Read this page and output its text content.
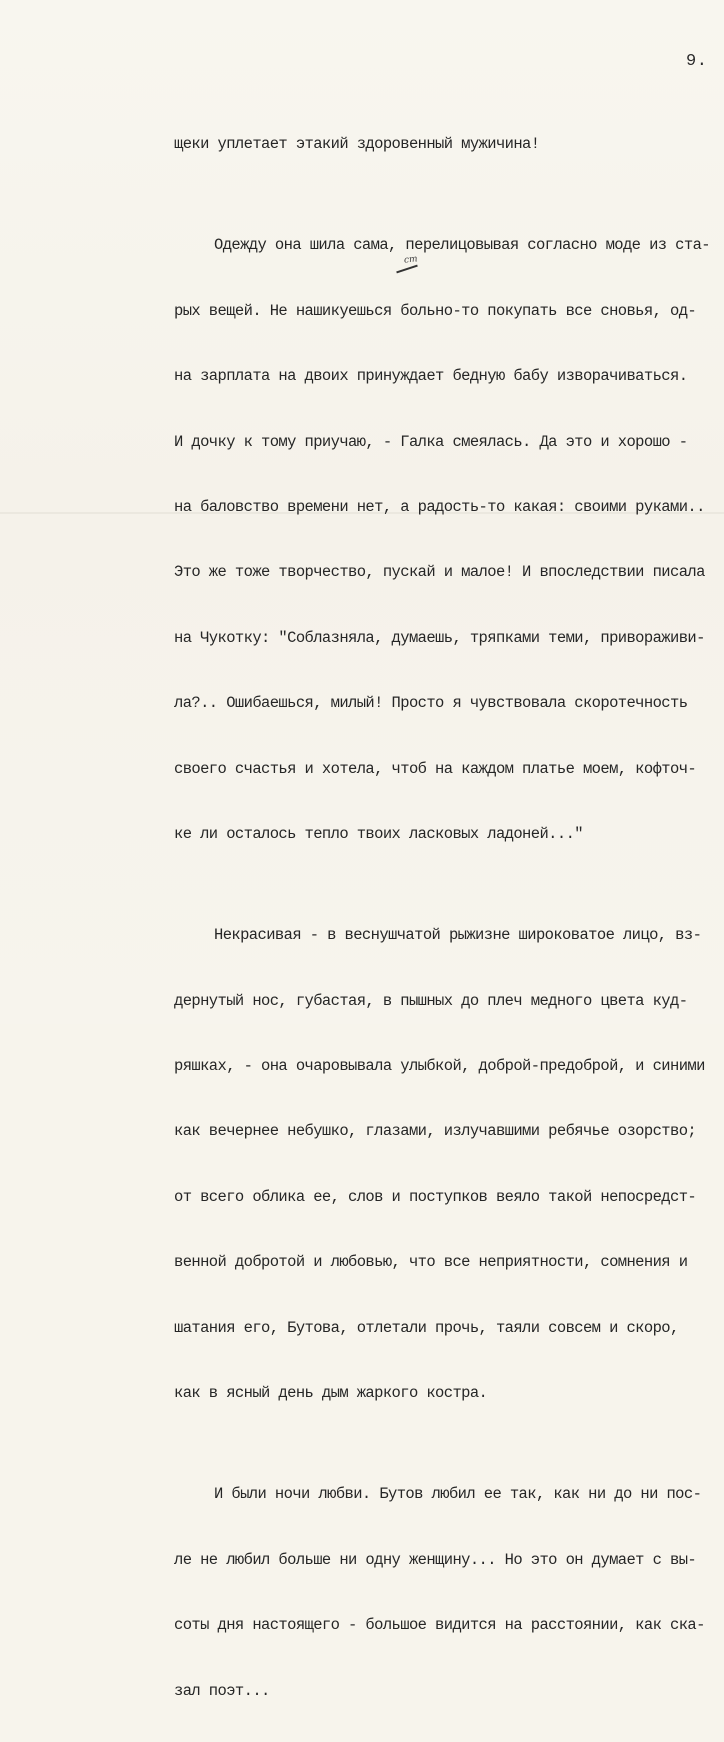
9.

щеки уплетает этакий здоровенный мужичина!

Одежду она шила сама, перелицовывая согласно моде из ста-

рых вещей. Не нашикуешься больно-то покупать все сновья, од-

на зарплата на двоих принуждает бедную бабу изворачиваться.

И дочку к тому приучаю, - Галка смеялась. Да это и хорошо -

на баловство времени нет, а радость-то какая: своими руками..

Это же тоже творчество, пускай и малое! И впоследствии писала

на Чукотку: "Соблазняла, думаешь, тряпками теми, привораживи-

ла?.. Ошибаешься, милый! Просто я чувствовала скоротечность

своего счастья и хотела, чтоб на каждом платье моем, кофточ-

ке ли осталось тепло твоих ласковых ладоней..."

Некрасивая - в веснушчатой рыжизне широковатое лицо, вз-

дернутый нос, губастая, в пышных до плеч медного цвета куд-

ряшках, - она очаровывала улыбкой, доброй-предоброй, и синими

как вечернее небушко, глазами, излучавшими ребячье озорство;

от всего облика ее, слов и поступков веяло такой непосредст-

венной добротой и любовью, что все неприятности, сомнения и

шатания его, Бутова, отлетали прочь, таяли совсем и скоро,

как в ясный день дым жаркого костра.

И были ночи любви. Бутов любил ее так, как ни до ни пос-

ле не любил больше ни одну женщину... Но это он думает с вы-

соты дня настоящего - большое видится на расстоянии, как ска-

зал поэт...

ст
